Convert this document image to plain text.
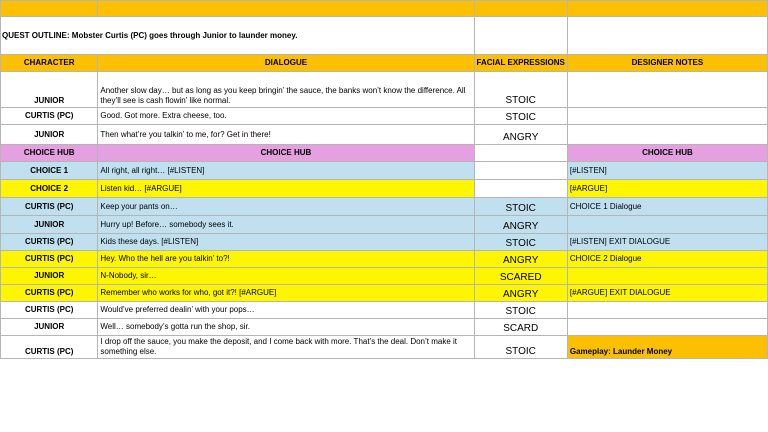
QUEST OUTLINE: Mobster Curtis (PC) goes through Junior to launder money.			
CHARACTER	DIALOGUE	FACIAL EXPRESSIONS	DESIGNER NOTES
JUNIOR	Another slow day… but as long as you keep bringin’ the sauce, the banks won’t know the difference. All they’ll see is cash flowin’ like normal.	STOIC	
CURTIS (PC)	Good. Got more. Extra cheese, too.	STOIC	
JUNIOR	Then what’re you talkin’ to me, for? Get in there!	ANGRY	
CHOICE HUB	CHOICE HUB		CHOICE HUB
CHOICE 1	All right, all right… [#LISTEN]		[#LISTEN]
CHOICE 2	Listen kid… [#ARGUE]		[#ARGUE]
CURTIS (PC)	Keep your pants on…	STOIC	CHOICE 1 Dialogue
JUNIOR	Hurry up! Before… somebody sees it.	ANGRY	
CURTIS (PC)	Kids these days. [#LISTEN]	STOIC	[#LISTEN] EXIT DIALOGUE
CURTIS (PC)	Hey. Who the hell are you talkin’ to?!	ANGRY	CHOICE 2 Dialogue
JUNIOR	N-Nobody, sir…	SCARED	
CURTIS (PC)	Remember who works for who, got it?! [#ARGUE]	ANGRY	[#ARGUE] EXIT DIALOGUE
CURTIS (PC)	Would’ve preferred dealin’ with your pops…	STOIC	
JUNIOR	Well… somebody’s gotta run the shop, sir.	SCARD	
CURTIS (PC)	I drop off the sauce, you make the deposit, and I come back with more. That’s the deal. Don’t make it something else.	STOIC	Gameplay: Launder Money
